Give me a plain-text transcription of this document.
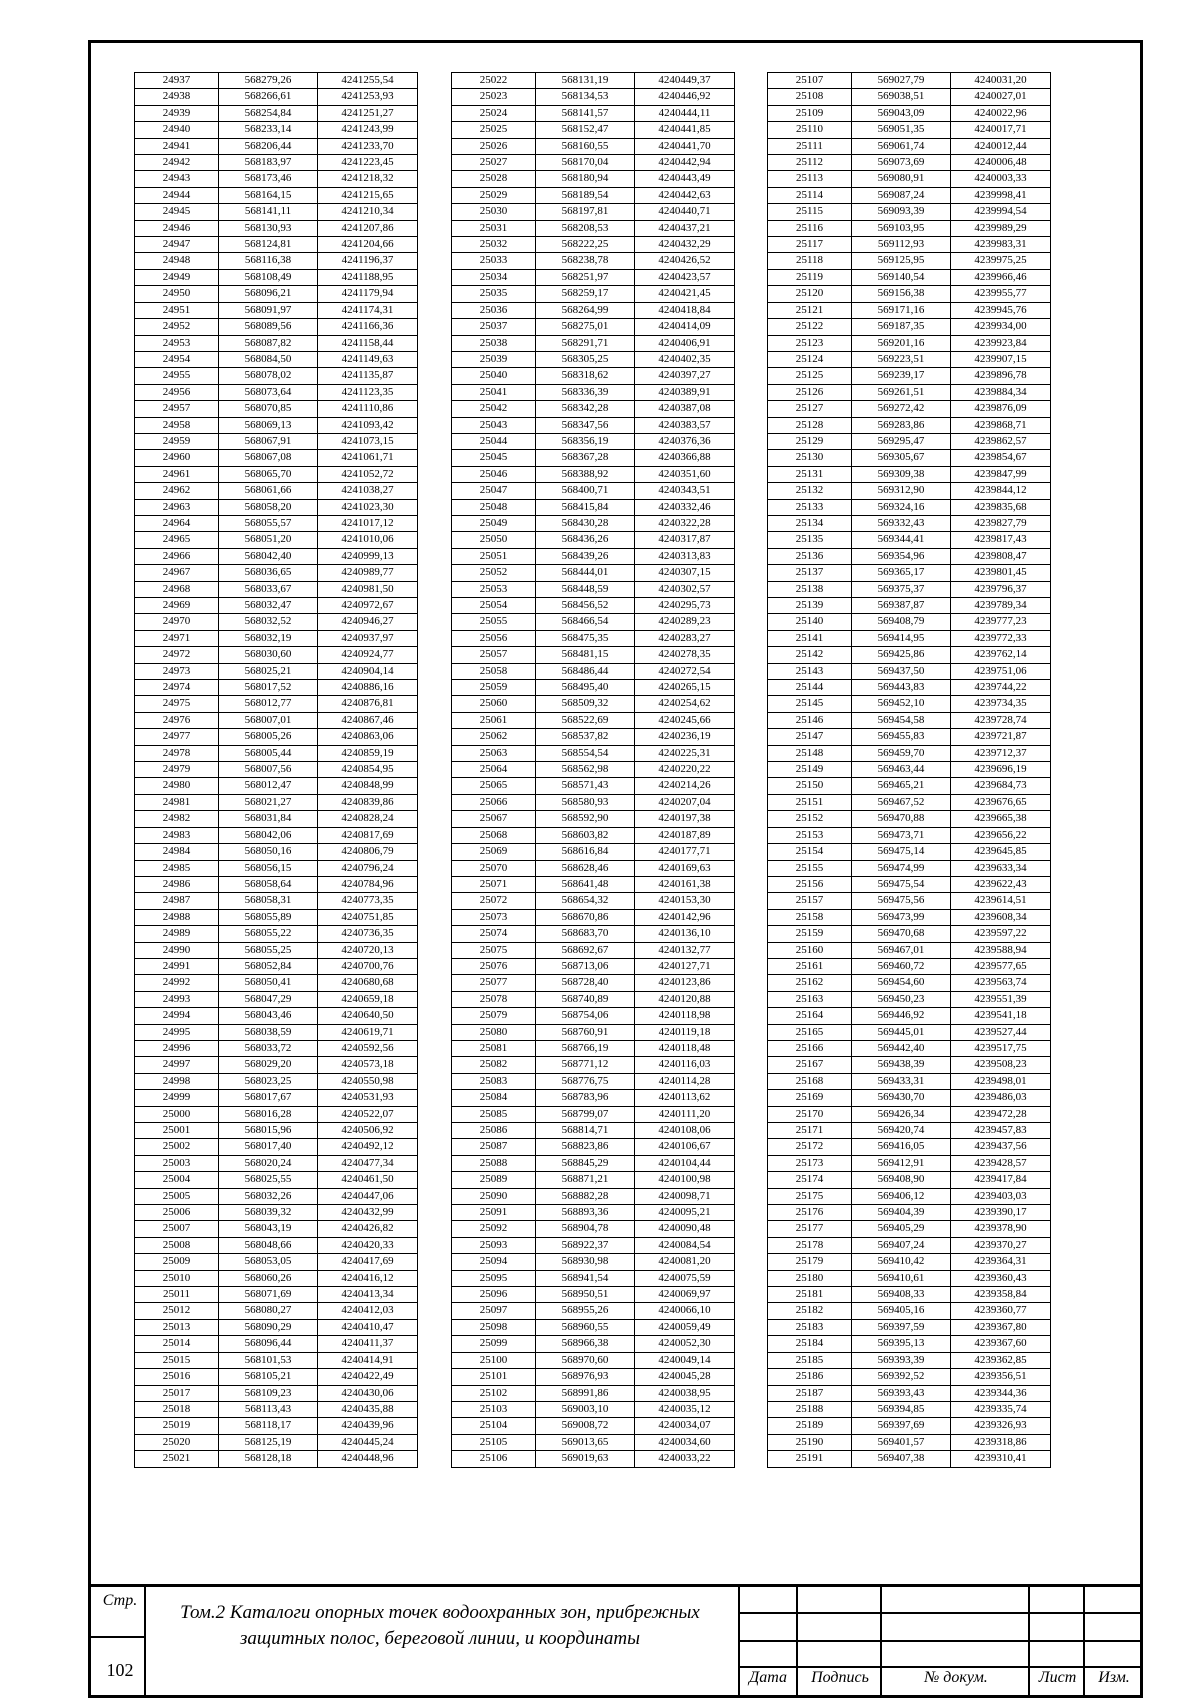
24937	568279,26	4241255,54
24938	568266,61	4241253,93
24939	568254,84	4241251,27
24940	568233,14	4241243,99
24941	568206,44	4241233,70
24942	568183,97	4241223,45
24943	568173,46	4241218,32
24944	568164,15	4241215,65
24945	568141,11	4241210,34
24946	568130,93	4241207,86
24947	568124,81	4241204,66
24948	568116,38	4241196,37
24949	568108,49	4241188,95
24950	568096,21	4241179,94
24951	568091,97	4241174,31
24952	568089,56	4241166,36
24953	568087,82	4241158,44
24954	568084,50	4241149,63
24955	568078,02	4241135,87
24956	568073,64	4241123,35
24957	568070,85	4241110,86
24958	568069,13	4241093,42
24959	568067,91	4241073,15
24960	568067,08	4241061,71
24961	568065,70	4241052,72
24962	568061,66	4241038,27
24963	568058,20	4241023,30
24964	568055,57	4241017,12
24965	568051,20	4241010,06
24966	568042,40	4240999,13
24967	568036,65	4240989,77
24968	568033,67	4240981,50
24969	568032,47	4240972,67
24970	568032,52	4240946,27
24971	568032,19	4240937,97
24972	568030,60	4240924,77
24973	568025,21	4240904,14
24974	568017,52	4240886,16
24975	568012,77	4240876,81
24976	568007,01	4240867,46
24977	568005,26	4240863,06
24978	568005,44	4240859,19
24979	568007,56	4240854,95
24980	568012,47	4240848,99
24981	568021,27	4240839,86
24982	568031,84	4240828,24
24983	568042,06	4240817,69
24984	568050,16	4240806,79
24985	568056,15	4240796,24
24986	568058,64	4240784,96
24987	568058,31	4240773,35
24988	568055,89	4240751,85
24989	568055,22	4240736,35
24990	568055,25	4240720,13
24991	568052,84	4240700,76
24992	568050,41	4240680,68
24993	568047,29	4240659,18
24994	568043,46	4240640,50
24995	568038,59	4240619,71
24996	568033,72	4240592,56
24997	568029,20	4240573,18
24998	568023,25	4240550,98
24999	568017,67	4240531,93
25000	568016,28	4240522,07
25001	568015,96	4240506,92
25002	568017,40	4240492,12
25003	568020,24	4240477,34
25004	568025,55	4240461,50
25005	568032,26	4240447,06
25006	568039,32	4240432,99
25007	568043,19	4240426,82
25008	568048,66	4240420,33
25009	568053,05	4240417,69
25010	568060,26	4240416,12
25011	568071,69	4240413,34
25012	568080,27	4240412,03
25013	568090,29	4240410,47
25014	568096,44	4240411,37
25015	568101,53	4240414,91
25016	568105,21	4240422,49
25017	568109,23	4240430,06
25018	568113,43	4240435,88
25019	568118,17	4240439,96
25020	568125,19	4240445,24
25021	568128,18	4240448,96
25022	568131,19	4240449,37
25023	568134,53	4240446,92
25024	568141,57	4240444,11
25025	568152,47	4240441,85
25026	568160,55	4240441,70
25027	568170,04	4240442,94
25028	568180,94	4240443,49
25029	568189,54	4240442,63
25030	568197,81	4240440,71
25031	568208,53	4240437,21
25032	568222,25	4240432,29
25033	568238,78	4240426,52
25034	568251,97	4240423,57
25035	568259,17	4240421,45
25036	568264,99	4240418,84
25037	568275,01	4240414,09
25038	568291,71	4240406,91
25039	568305,25	4240402,35
25040	568318,62	4240397,27
25041	568336,39	4240389,91
25042	568342,28	4240387,08
25043	568347,56	4240383,57
25044	568356,19	4240376,36
25045	568367,28	4240366,88
25046	568388,92	4240351,60
25047	568400,71	4240343,51
25048	568415,84	4240332,46
25049	568430,28	4240322,28
25050	568436,26	4240317,87
25051	568439,26	4240313,83
25052	568444,01	4240307,15
25053	568448,59	4240302,57
25054	568456,52	4240295,73
25055	568466,54	4240289,23
25056	568475,35	4240283,27
25057	568481,15	4240278,35
25058	568486,44	4240272,54
25059	568495,40	4240265,15
25060	568509,32	4240254,62
25061	568522,69	4240245,66
25062	568537,82	4240236,19
25063	568554,54	4240225,31
25064	568562,98	4240220,22
25065	568571,43	4240214,26
25066	568580,93	4240207,04
25067	568592,90	4240197,38
25068	568603,82	4240187,89
25069	568616,84	4240177,71
25070	568628,46	4240169,63
25071	568641,48	4240161,38
25072	568654,32	4240153,30
25073	568670,86	4240142,96
25074	568683,70	4240136,10
25075	568692,67	4240132,77
25076	568713,06	4240127,71
25077	568728,40	4240123,86
25078	568740,89	4240120,88
25079	568754,06	4240118,98
25080	568760,91	4240119,18
25081	568766,19	4240118,48
25082	568771,12	4240116,03
25083	568776,75	4240114,28
25084	568783,96	4240113,62
25085	568799,07	4240111,20
25086	568814,71	4240108,06
25087	568823,86	4240106,67
25088	568845,29	4240104,44
25089	568871,21	4240100,98
25090	568882,28	4240098,71
25091	568893,36	4240095,21
25092	568904,78	4240090,48
25093	568922,37	4240084,54
25094	568930,98	4240081,20
25095	568941,54	4240075,59
25096	568950,51	4240069,97
25097	568955,26	4240066,10
25098	568960,55	4240059,49
25099	568966,38	4240052,30
25100	568970,60	4240049,14
25101	568976,93	4240045,28
25102	568991,86	4240038,95
25103	569003,10	4240035,12
25104	569008,72	4240034,07
25105	569013,65	4240034,60
25106	569019,63	4240033,22
25107	569027,79	4240031,20
25108	569038,51	4240027,01
25109	569043,09	4240022,96
25110	569051,35	4240017,71
25111	569061,74	4240012,44
25112	569073,69	4240006,48
25113	569080,91	4240003,33
25114	569087,24	4239998,41
25115	569093,39	4239994,54
25116	569103,95	4239989,29
25117	569112,93	4239983,31
25118	569125,95	4239975,25
25119	569140,54	4239966,46
25120	569156,38	4239955,77
25121	569171,16	4239945,76
25122	569187,35	4239934,00
25123	569201,16	4239923,84
25124	569223,51	4239907,15
25125	569239,17	4239896,78
25126	569261,51	4239884,34
25127	569272,42	4239876,09
25128	569283,86	4239868,71
25129	569295,47	4239862,57
25130	569305,67	4239854,67
25131	569309,38	4239847,99
25132	569312,90	4239844,12
25133	569324,16	4239835,68
25134	569332,43	4239827,79
25135	569344,41	4239817,43
25136	569354,96	4239808,47
25137	569365,17	4239801,45
25138	569375,37	4239796,37
25139	569387,87	4239789,34
25140	569408,79	4239777,23
25141	569414,95	4239772,33
25142	569425,86	4239762,14
25143	569437,50	4239751,06
25144	569443,83	4239744,22
25145	569452,10	4239734,35
25146	569454,58	4239728,74
25147	569455,83	4239721,87
25148	569459,70	4239712,37
25149	569463,44	4239696,19
25150	569465,21	4239684,73
25151	569467,52	4239676,65
25152	569470,88	4239665,38
25153	569473,71	4239656,22
25154	569475,14	4239645,85
25155	569474,99	4239633,34
25156	569475,54	4239622,43
25157	569475,56	4239614,51
25158	569473,99	4239608,34
25159	569470,68	4239597,22
25160	569467,01	4239588,94
25161	569460,72	4239577,65
25162	569454,60	4239563,74
25163	569450,23	4239551,39
25164	569446,92	4239541,18
25165	569445,01	4239527,44
25166	569442,40	4239517,75
25167	569438,39	4239508,23
25168	569433,31	4239498,01
25169	569430,70	4239486,03
25170	569426,34	4239472,28
25171	569420,74	4239457,83
25172	569416,05	4239437,56
25173	569412,91	4239428,57
25174	569408,90	4239417,84
25175	569406,12	4239403,03
25176	569404,39	4239390,17
25177	569405,29	4239378,90
25178	569407,24	4239370,27
25179	569410,42	4239364,31
25180	569410,61	4239360,43
25181	569408,33	4239358,84
25182	569405,16	4239360,77
25183	569397,59	4239367,80
25184	569395,13	4239367,60
25185	569393,39	4239362,85
25186	569392,52	4239356,51
25187	569393,43	4239344,36
25188	569394,85	4239335,74
25189	569397,69	4239326,93
25190	569401,57	4239318,86
25191	569407,38	4239310,41
Стр.
102
Том.2 Каталоги опорных точек водоохранных зон, прибрежных защитных полос, береговой линии, и координаты
Дата	Подпись	№ докум.	Лист	Изм.
